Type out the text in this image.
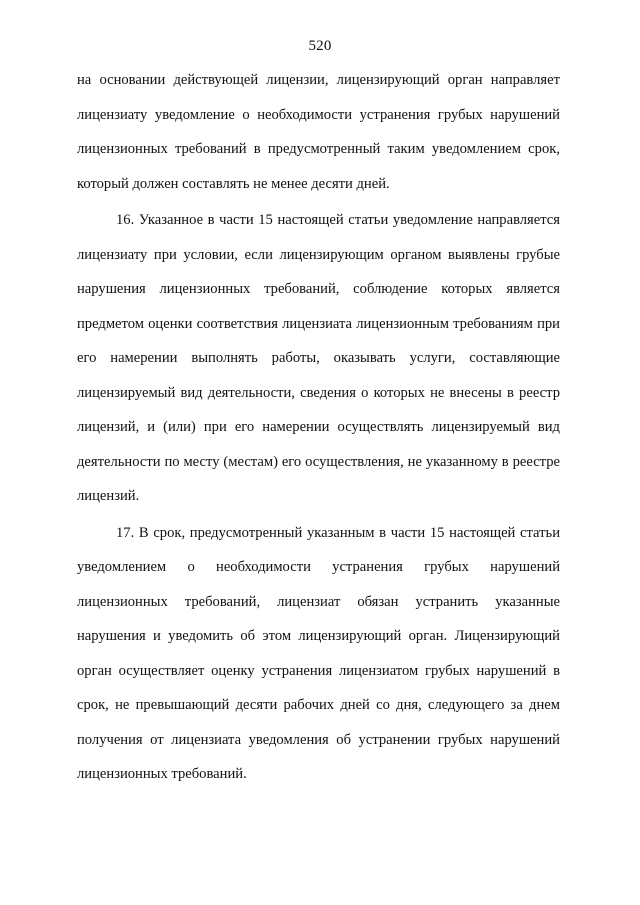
520

на основании действующей лицензии, лицензирующий орган направляет лицензиату уведомление о необходимости устранения грубых нарушений лицензионных требований в предусмотренный таким уведомлением срок, который должен составлять не менее десяти дней.

16. Указанное в части 15 настоящей статьи уведомление направляется лицензиату при условии, если лицензирующим органом выявлены грубые нарушения лицензионных требований, соблюдение которых является предметом оценки соответствия лицензиата лицензионным требованиям при его намерении выполнять работы, оказывать услуги, составляющие лицензируемый вид деятельности, сведения о которых не внесены в реестр лицензий, и (или) при его намерении осуществлять лицензируемый вид деятельности по месту (местам) его осуществления, не указанному в реестре лицензий.

17. В срок, предусмотренный указанным в части 15 настоящей статьи уведомлением о необходимости устранения грубых нарушений лицензионных требований, лицензиат обязан устранить указанные нарушения и уведомить об этом лицензирующий орган. Лицензирующий орган осуществляет оценку устранения лицензиатом грубых нарушений в срок, не превышающий десяти рабочих дней со дня, следующего за днем получения от лицензиата уведомления об устранении грубых нарушений лицензионных требований.
